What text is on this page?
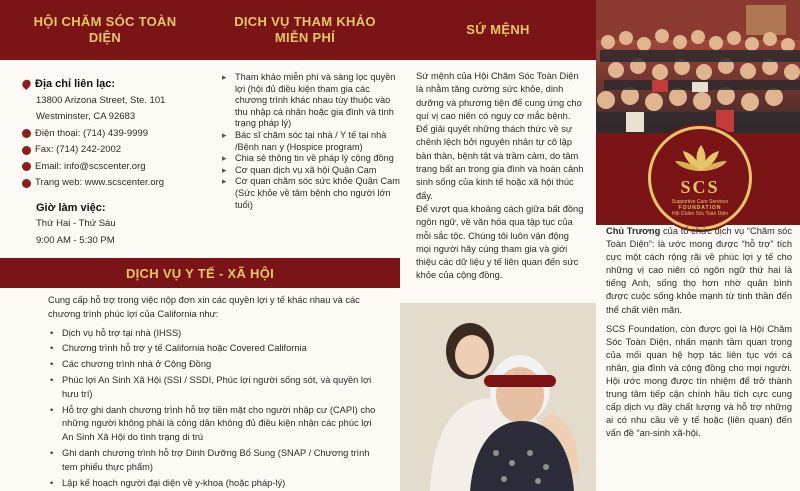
HỘI CHĂM SÓC TOÀN DIỆN
DỊCH VỤ THAM KHẢO MIỄN PHÍ
SỨ MỆNH
Địa chỉ liên lạc:
13800 Arizona Street, Ste. 101
Westminster, CA 92683
Điện thoại: (714) 439-9999
Fax: (714) 242-2002
Email: info@scscenter.org
Trang web: www.scscenter.org
Giờ làm việc:
Thứ Hai - Thứ Sáu
9:00 AM - 5:30 PM
▸ Tham khảo miễn phí và sàng lọc quyền lợi (hội đủ điều kiện tham gia các chương trình khác nhau tùy thuộc vào thu nhập cá nhân hoặc gia đình và tình trạng pháp lý)
▸ Bác sĩ chăm sóc tại nhà / Y tế tại nhà /Bệnh nan y (Hospice program)
▸ Chia sẻ thông tin về pháp lý cộng đồng
▸ Cơ quan dịch vụ xã hội Quận Cam
▸ Cơ quan chăm sóc sức khỏe Quận Cam (Sức khỏe về tâm bệnh cho người lớn tuổi)

Sứ mệnh của Hội Chăm Sóc Toàn Diện là nhằm tăng cường sức khỏe, dinh dưỡng và phương tiện để cung ứng cho quí vị cao niên có nguy cơ mắc bệnh. Để giải quyết những thách thức về sự chênh lệch bởi nguyên nhân tự cô lập bản thân, bệnh tật và trầm cảm, do tâm trạng bất an trong gia đình và hoàn cảnh sinh sống của kinh tế hoặc xã hội thúc đẩy.

Để vượt qua khoảng cách giữa bất đồng ngôn ngữ, về văn hóa qua tập tục của mỗi sắc tộc. Chúng tôi luôn vận động mọi người hãy cùng tham gia và giới thiệu các dữ liệu y tế liên quan đến sức khỏe của cộng đồng.

DỊCH VỤ Y TẾ - XÃ HỘI

Cung cấp hỗ trợ trong việc nộp đơn xin các quyền lợi y tế khác nhau và các chương trình phúc lợi của California như:

• Dịch vụ hỗ trợ tại nhà (IHSS)
• Chương trình hỗ trợ y tế California hoặc Covered California
• Các chương trình nhà ở Cộng Đồng
• Phúc lợi An Sinh Xã Hội (SSI / SSDI, Phúc lợi người sống sót, và quyền lợi hưu trí)
• Hỗ trợ ghi danh chương trình hỗ trợ tiền mặt cho người nhập cư (CAPI) cho những người không phải là công dân không đủ điều kiện nhận các phúc lợi An Sinh Xã Hội do tình trạng di trú
• Ghi danh chương trình hỗ trợ Dinh Dưỡng Bổ Sung (SNAP / Chương trình tem phiếu thực phẩm)
• Lập kế hoạch người đại diện về y-khoa (hoặc pháp-lý)
SCS
Supportive Care Services
FOUNDATION
Hội Chăm Sóc Toàn Diện

Chủ Trương của tổ chức dịch vụ “Chăm sóc Toàn Diện”: là ước mong được “hỗ trợ” tích cực một cách rộng rãi về phúc lợi y tế cho những vị cao niên có ngôn ngữ thứ hai là tiếng Anh, sống thọ hơn nhờ quân bình được cuộc sống khỏe mạnh từ tinh thần đến thể chất viên mãn.

SCS Foundation, còn được gọi là Hội Chăm Sóc Toàn Diện, nhấn mạnh tầm quan trọng của mối quan hệ hợp tác liên tục với cá nhân, gia đình và cộng đồng cho mọi người. Hội ước mong được tín nhiệm để trở thành trung tâm tiếp cận chính hầu tích cực cung cấp dịch vụ đầy chất lượng và hỗ trợ những ai có nhu cầu về y tế hoặc (liên quan) đến vấn đề “an-sinh xã-hội.
